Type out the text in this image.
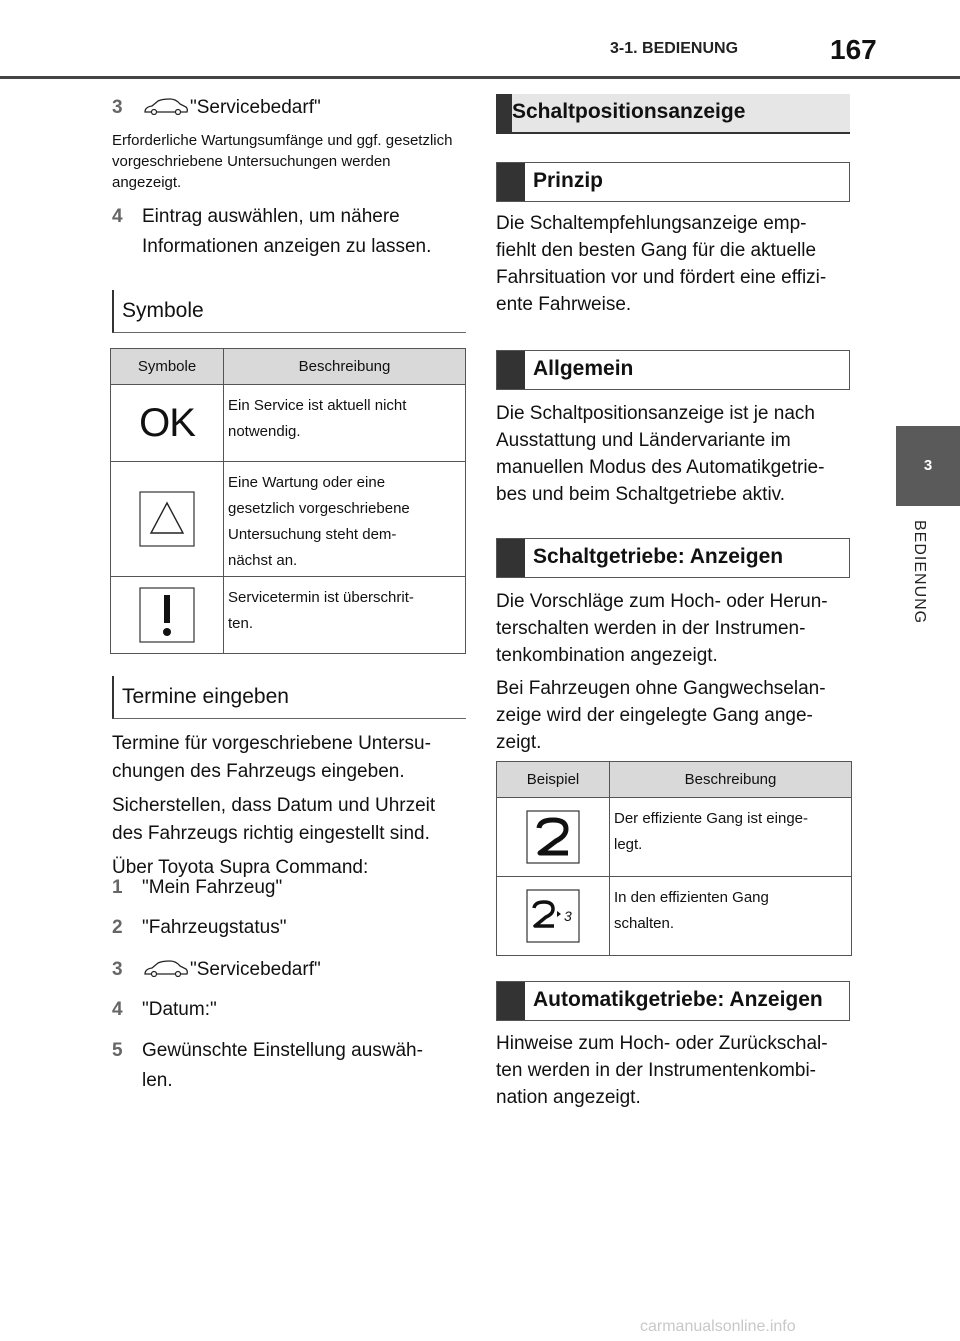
3-1. BEDIENUNG	167
3
BEDIENUNG
3	"Servicebedarf"
Erforderliche Wartungsumfänge und ggf. gesetzlich vorgeschriebene Untersuchungen werden angezeigt.
4 Eintrag auswählen, um nähere
Informationen anzeigen zu lassen.
Symbole
Symbole	Beschreibung

OK	Ein Service ist aktuell nicht
notwendig.

Eine Wartung oder eine
gesetzlich vorgeschriebene
Untersuchung steht dem-
nächst an.

Servicetermin ist überschrit-
ten.
Termine eingeben
Termine für vorgeschriebene Untersu-
chungen des Fahrzeugs eingeben.
Sicherstellen, dass Datum und Uhrzeit
des Fahrzeugs richtig eingestellt sind.
Über Toyota Supra Command:
1 "Mein Fahrzeug"
2 "Fahrzeugstatus"
3	"Servicebedarf"
4 "Datum:"
5 Gewünschte Einstellung auswäh-
len.
Schaltpositionsanzeige
Prinzip
Die Schaltempfehlungsanzeige emp-
fiehlt den besten Gang für die aktuelle
Fahrsituation vor und fördert eine effizi-
ente Fahrweise.
Allgemein
Die Schaltpositionsanzeige ist je nach
Ausstattung und Ländervariante im
manuellen Modus des Automatikgetrie-
bes und beim Schaltgetriebe aktiv.
Schaltgetriebe: Anzeigen
Die Vorschläge zum Hoch- oder Herun-
terschalten werden in der Instrumen-
tenkombination angezeigt.
Bei Fahrzeugen ohne Gangwechselan-
zeige wird der eingelegte Gang ange-
zeigt.
Beispiel	Beschreibung

Der effiziente Gang ist einge-
legt.

3	In den effizienten Gang
schalten.
Automatikgetriebe: Anzeigen
Hinweise zum Hoch- oder Zurückschal-
ten werden in der Instrumentenkombi-
nation angezeigt.
carmanualsonline.info
